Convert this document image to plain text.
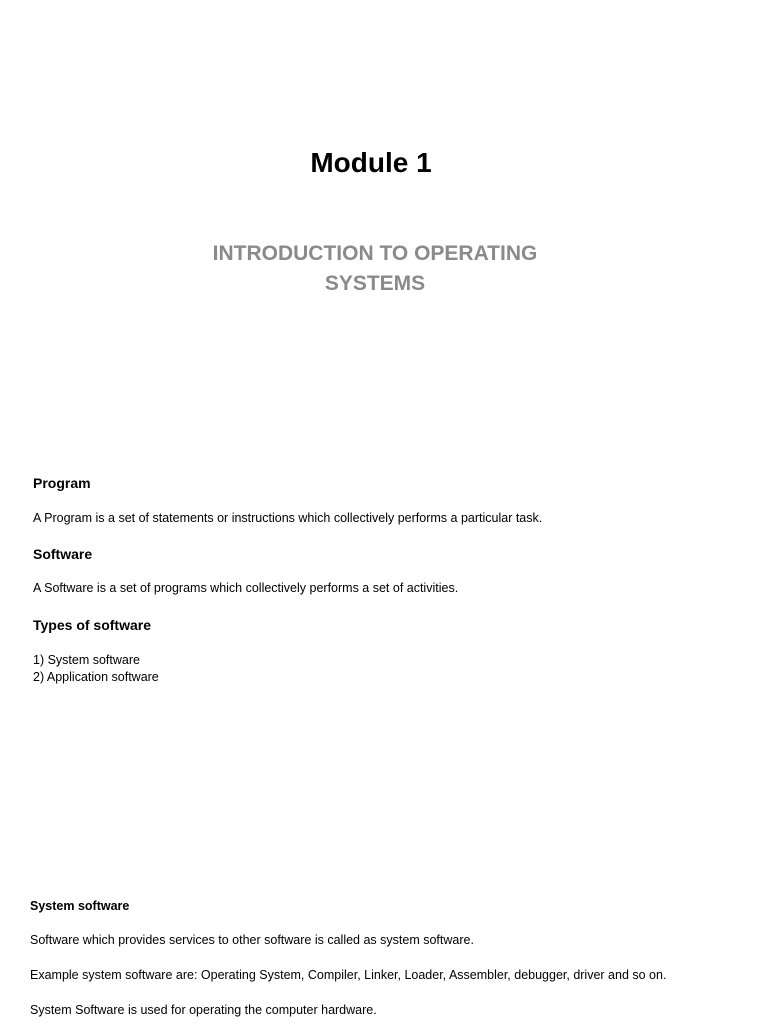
Module 1
INTRODUCTION TO OPERATING
SYSTEMS
Program
A Program is a set of statements or instructions which collectively performs a particular task.
Software
A Software is a set of programs which collectively performs a set of activities.
Types of software
1) System software
2) Application software
System software
Software which provides services to other software is called as system software.
Example system software are: Operating System, Compiler, Linker, Loader, Assembler, debugger, driver and so on.
System Software is used for operating the computer hardware.
